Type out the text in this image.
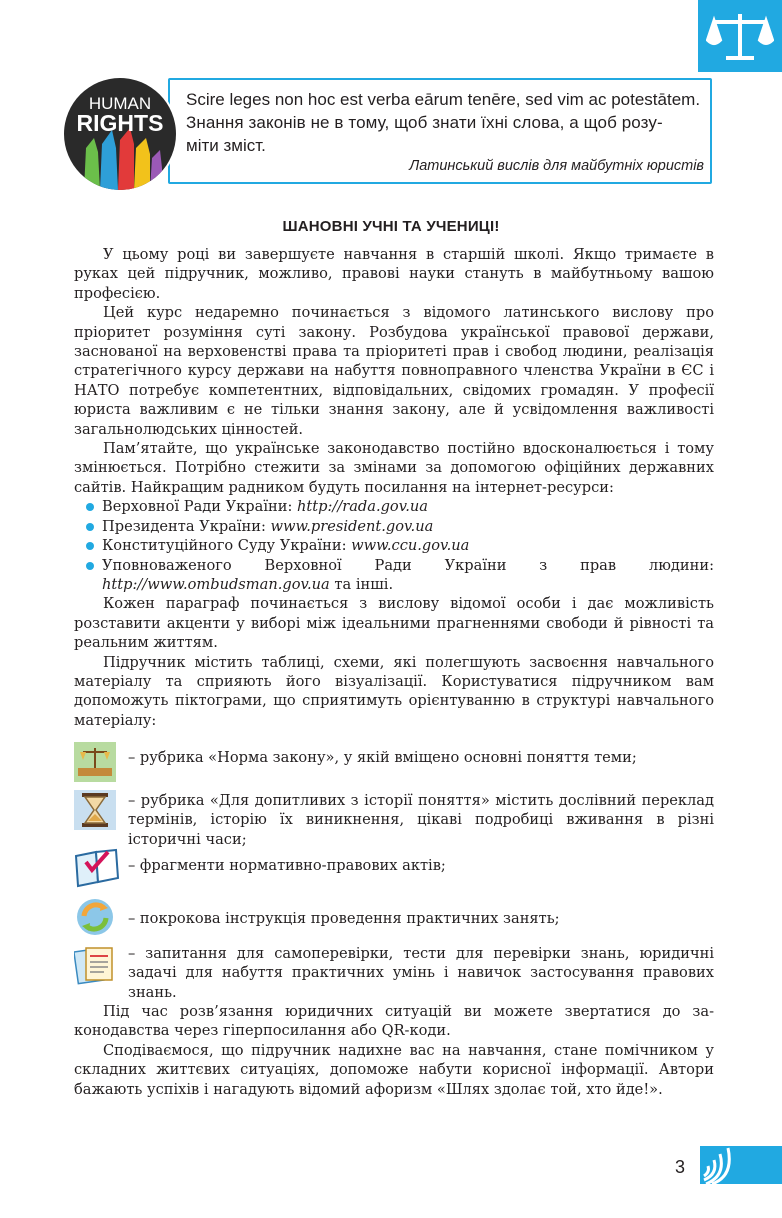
HUMAN
RIGHTS
Scire leges non hoc est verba eārum tenēre, sed vim ac potestātem.
Знання законів не в тому, щоб знати їхні слова, а щоб розу-
міти зміст.
Латинський вислів для майбутніх юристів
ШАНОВНІ УЧНІ ТА УЧЕНИЦІ!

У цьому році ви завершуєте навчання в старшій школі. Якщо тримаєте в руках цей підручник, можливо, правові науки стануть в майбутньому вашою професією.

Цей курс недаремно починається з відомого латинського вислову про пріоритет розуміння суті закону. Розбудова української правової держави, заснованої на верховенстві права та пріоритеті прав і свобод людини, реалізація стратегічного курсу держави на набуття повноправного членства України в ЄС і НАТО потребує компетентних, відповідальних, свідомих громадян. У професії юриста важливим є не тільки знання закону, але й усвідомлення важливості загальнолюдських цінностей.

Пам’ятайте, що українське законодавство постійно вдосконалюється і тому змінюється. Потрібно стежити за змінами за допомогою офіційних державних сайтів. Найкращим радником будуть посилання на інтернет-ресурси:

Верховної Ради України: http://rada.gov.ua
Президента України: www.president.gov.ua
Конституційного Суду України: www.ccu.gov.ua
Уповноваженого Верховної Ради України з прав людини: http://www.ombudsman.gov.ua та інші.

Кожен параграф починається з вислову відомої особи і дає можливість розставити акценти у виборі між ідеальними прагненнями свободи й рівності та реальним життям.

Підручник містить таблиці, схеми, які полегшують засвоєння навчального матеріалу та сприяють його візуалізації. Користуватися підручником вам допоможуть піктограми, що сприятимуть орієнтуванню в структурі навчального матеріалу:

– рубрика «Норма закону», у якій вміщено основні поняття теми;
– рубрика «Для допитливих з історії поняття» містить дослівний переклад термінів, історію їх виникнення, цікаві подробиці вживання в різні історичні часи;
– фрагменти нормативно-правових актів;
– покрокова інструкція проведення практичних занять;
– запитання для самоперевірки, тести для перевірки знань, юридичні задачі для набуття практичних умінь і навичок застосування правових знань.

Під час розв’язання юридичних ситуацій ви можете звертатися до законодавства через гіперпосилання або QR-коди.

Сподіваємося, що підручник надихне вас на навчання, стане помічником у складних життєвих ситуаціях, допоможе набути корисної інформації. Автори бажають успіхів і нагадують відомий афоризм «Шлях здолає той, хто йде!».

3
